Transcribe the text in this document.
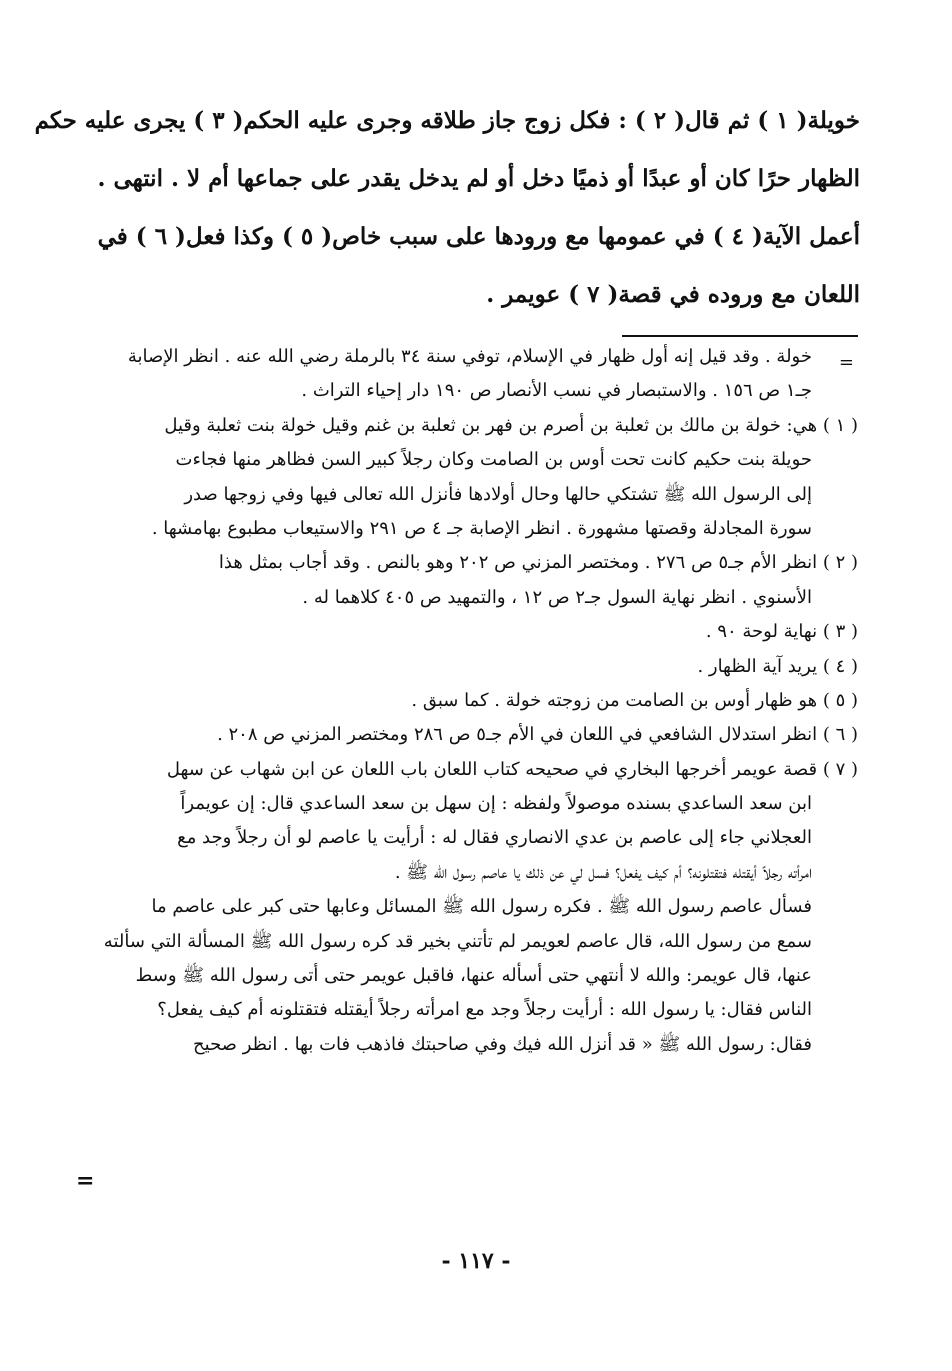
خويلة( ١ ) ثم قال( ٢ ) : فكل زوج جاز طلاقه وجرى عليه الحكم( ٣ ) يجرى عليه حكم
الظهار حرًا كان أو عبدًا أو ذميًا دخل أو لم يدخل يقدر على جماعها أم لا . انتهى .
أعمل الآية( ٤ ) في عمومها مع ورودها على سبب خاص( ٥ ) وكذا فعل( ٦ ) في
اللعان مع وروده في قصة( ٧ ) عويمر .
=
خولة . وقد قيل إنه أول ظهار في الإسلام، توفي سنة ٣٤ بالرملة رضي الله عنه . انظر الإصابة
جـ١ ص ١٥٦ . والاستبصار في نسب الأنصار ص ١٩٠ دار إحياء التراث .
( ١ ) هي: خولة بن مالك بن ثعلبة بن أصرم بن فهر بن ثعلبة بن غنم وقيل خولة بنت ثعلبة وقيل
حويلة بنت حكيم كانت تحت أوس بن الصامت وكان رجلاً كبير السن فظاهر منها فجاءت
إلى الرسول الله ﷺ تشتكي حالها وحال أولادها فأنزل الله تعالى فيها وفي زوجها صدر
سورة المجادلة وقصتها مشهورة . انظر الإصابة جـ ٤ ص ٢٩١ والاستيعاب مطبوع بهامشها .
( ٢ ) انظر الأم جـ٥ ص ٢٧٦ . ومختصر المزني ص ٢٠٢ وهو بالنص . وقد أجاب بمثل هذا
الأسنوي . انظر نهاية السول جـ٢ ص ١٢ ، والتمهيد ص ٤٠٥ كلاهما له .
( ٣ ) نهاية لوحة ٩٠ .
( ٤ ) يريد آية الظهار .
( ٥ ) هو ظهار أوس بن الصامت من زوجته خولة . كما سبق .
( ٦ ) انظر استدلال الشافعي في اللعان في الأم جـ٥ ص ٢٨٦ ومختصر المزني ص ٢٠٨ .
( ٧ ) قصة عويمر أخرجها البخاري في صحيحه كتاب اللعان باب اللعان عن ابن شهاب عن سهل
ابن سعد الساعدي بسنده موصولاً ولفظه : إن سهل بن سعد الساعدي قال: إن عويمراً
العجلاني جاء إلى عاصم بن عدي الانصاري فقال له : أرأيت يا عاصم لو أن رجلاً وجد مع
امرأته رجلاً أيقتله فتقتلونه؟ أم كيف يفعل؟ فسل لي عن ذلك يا عاصم رسول الله ﷺ .
فسأل عاصم رسول الله ﷺ . فكره رسول الله ﷺ المسائل وعابها حتى كبر على عاصم ما
سمع من رسول الله، قال عاصم لعويمر لم تأتني بخير قد كره رسول الله ﷺ المسألة التي سألته
عنها، قال عويمر: والله لا أنتهي حتى أسأله عنها، فاقبل عويمر حتى أتى رسول الله ﷺ وسط
الناس فقال: يا رسول الله : أرأيت رجلاً وجد مع امرأته رجلاً أيقتله فتقتلونه أم كيف يفعل؟
فقال: رسول الله ﷺ « قد أنزل الله فيك وفي صاحبتك فاذهب فات بها . انظر صحيح
=
- ١١٧ -
